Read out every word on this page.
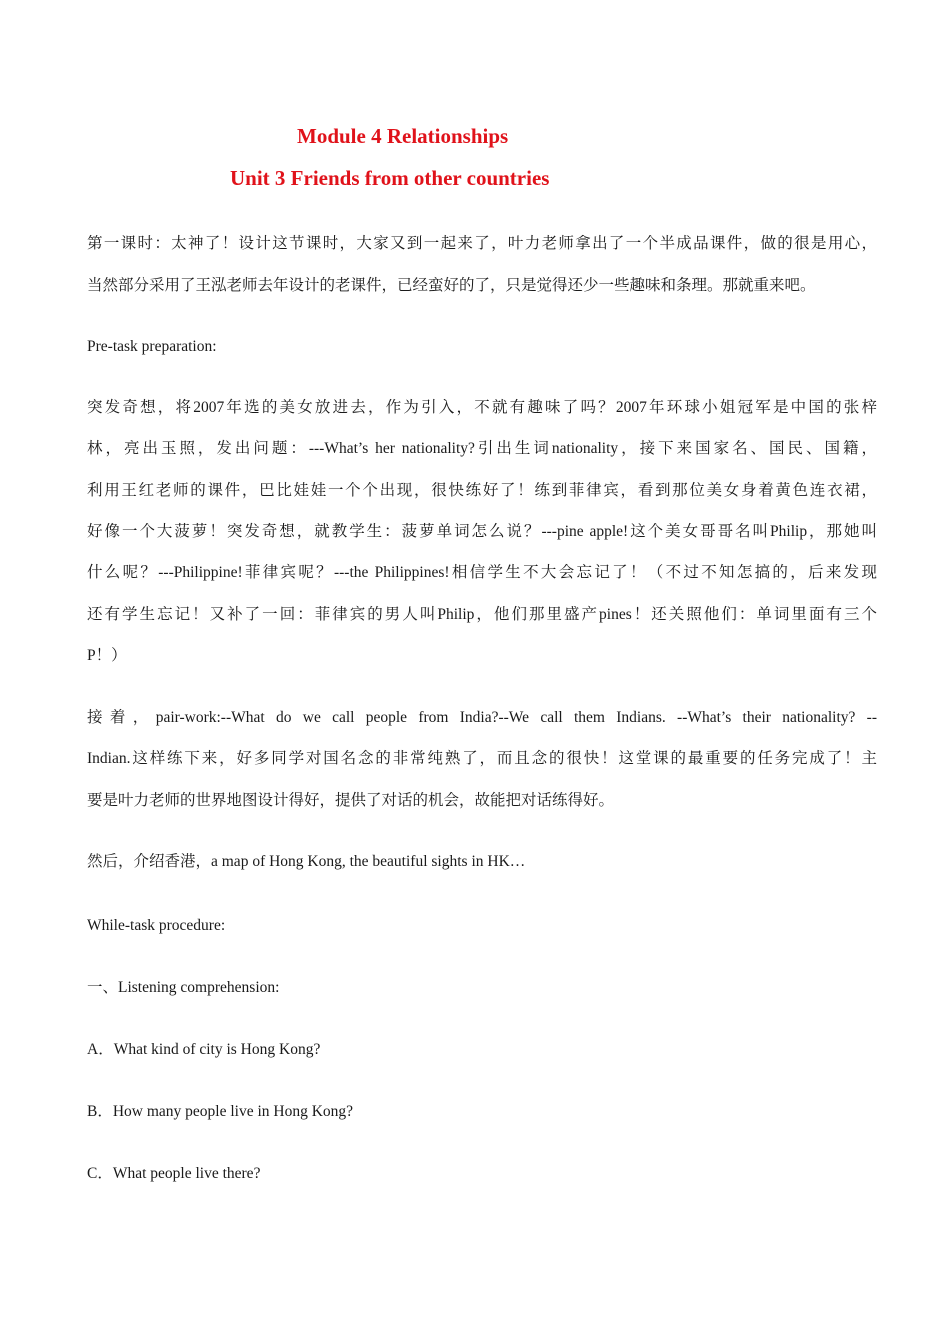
Module 4 Relationships
Unit 3 Friends from other countries
第一课时：太神了！设计这节课时，大家又到一起来了，叶力老师拿出了一个半成品课件，做的很是用心，
当然部分采用了王泓老师去年设计的老课件，已经蛮好的了，只是觉得还少一些趣味和条理。那就重来吧。
Pre-task preparation:
突发奇想，将2007年选的美女放进去，作为引入，不就有趣味了吗？2007年环球小姐冠军是中国的张梓
林，亮出玉照，发出问题：---What’s her nationality?引出生词nationality，接下来国家名、国民、国籍，
利用王红老师的课件，巴比娃娃一个个出现，很快练好了！练到菲律宾，看到那位美女身着黄色连衣裙，
好像一个大菠萝！突发奇想，就教学生：菠萝单词怎么说？---pine apple!这个美女哥哥名叫Philip，那她叫
什么呢？---Philippine!菲律宾呢？---the Philippines!相信学生不大会忘记了！（不过不知怎搞的，后来发现
还有学生忘记！又补了一回：菲律宾的男人叫Philip，他们那里盛产pines！还关照他们：单词里面有三个
P！）
接着，pair-work:--What do we call people from India?--We call them Indians. --What’s their nationality? --
Indian.这样练下来，好多同学对国名念的非常纯熟了，而且念的很快！这堂课的最重要的任务完成了！主
要是叶力老师的世界地图设计得好，提供了对话的机会，故能把对话练得好。
然后，介绍香港，a map of Hong Kong, the beautiful sights in HK…
While-task procedure:
一、Listening comprehension:
A．What kind of city is Hong Kong?
B．How many people live in Hong Kong?
C．What people live there?
